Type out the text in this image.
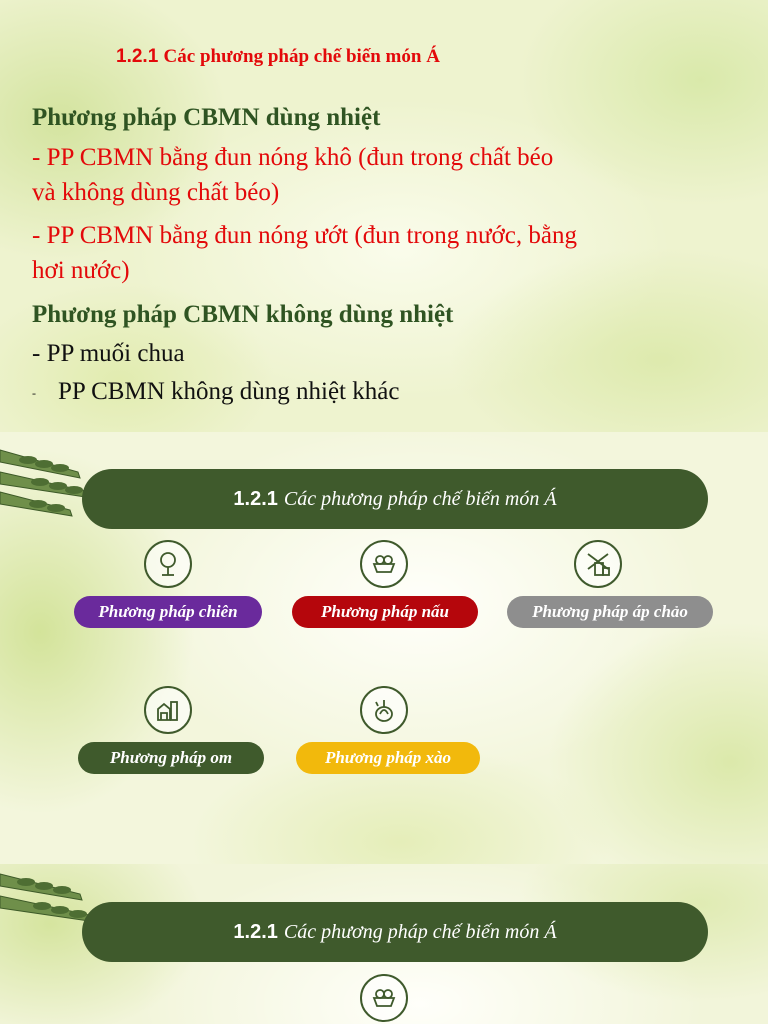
1.2.1 Các phương pháp chế biến món Á
Phương pháp CBMN dùng nhiệt
- PP CBMN bằng đun nóng khô (đun trong chất béo
và không dùng chất béo)
- PP CBMN bằng đun nóng ướt (đun trong nước, bằng
hơi nước)
Phương pháp CBMN không dùng nhiệt
- PP muối chua
- PP CBMN không dùng nhiệt khác
1.2.1 Các phương pháp chế biến món Á
Phương pháp chiên	Phương pháp nấu	Phương pháp áp chảo
Phương pháp om	Phương pháp xào
1.2.1 Các phương pháp chế biến món Á
